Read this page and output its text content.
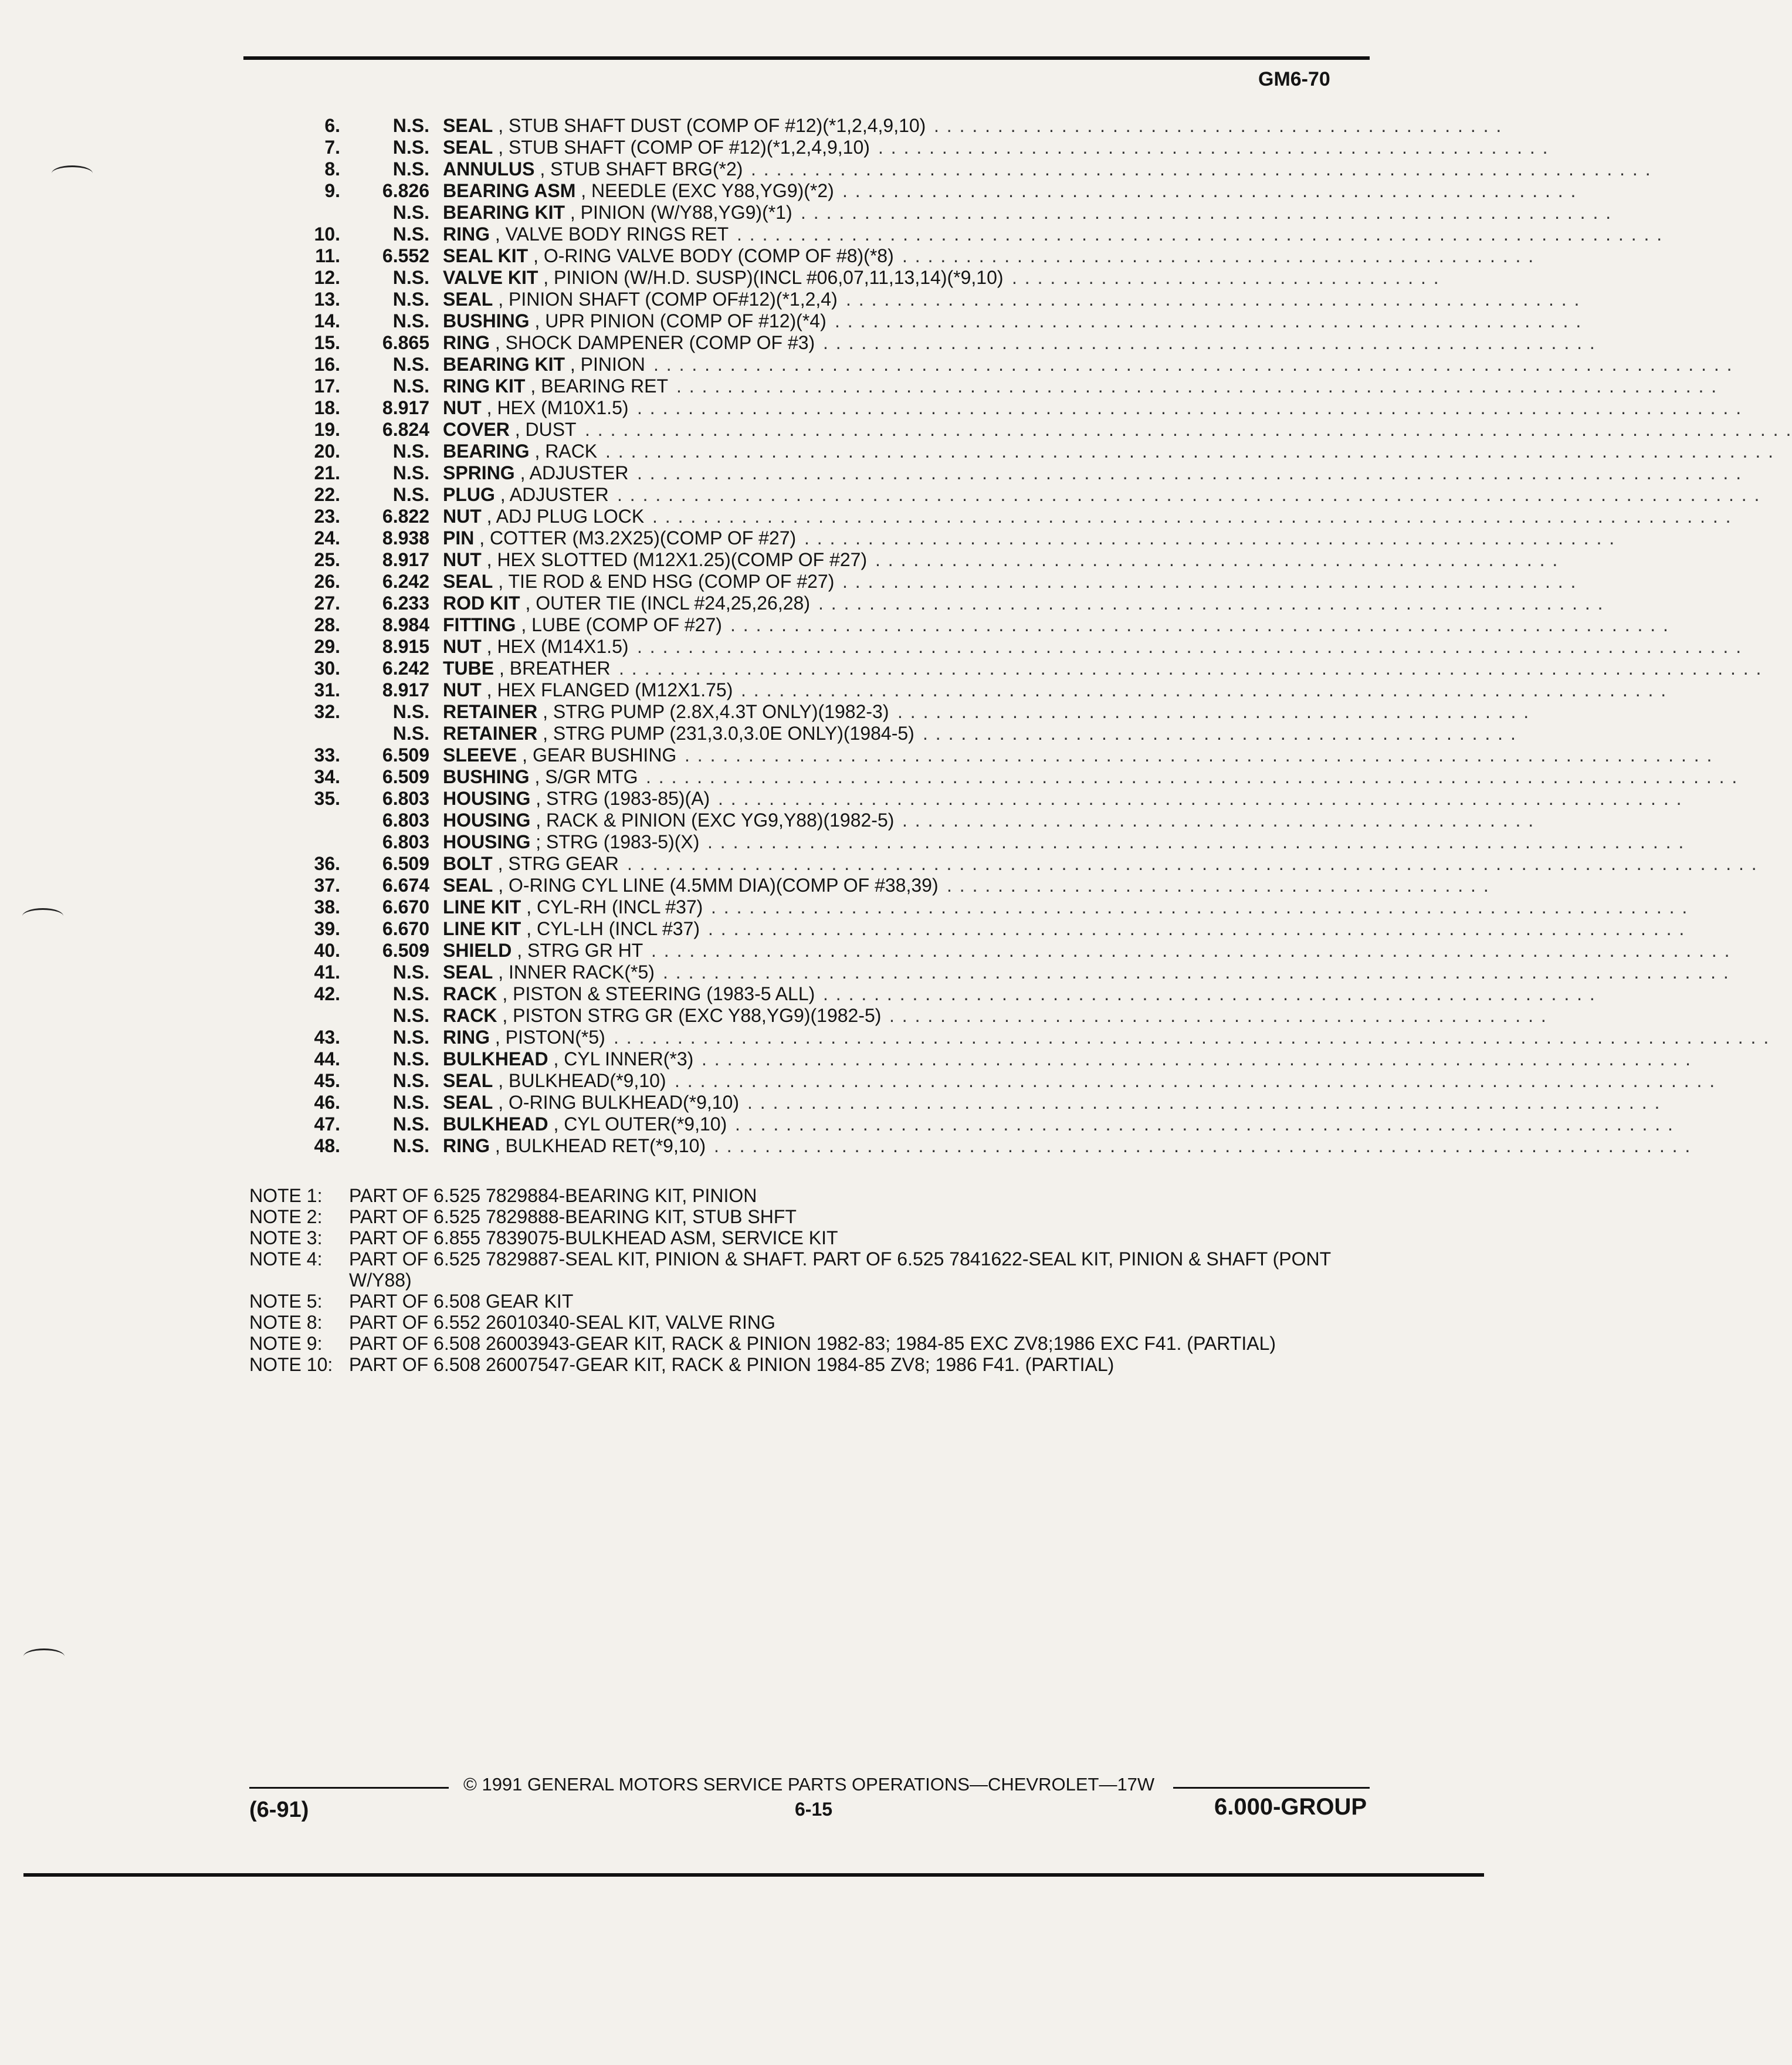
GM6-70
6.	N.S. SEAL , STUB SHAFT DUST (COMP OF #12)(*1,2,4,9,10) . . . . . . . . . . . . . . . . . . . . . . . . . . . . . . . . . . . . . . . . . . . . .
7.	N.S. SEAL , STUB SHAFT (COMP OF #12)(*1,2,4,9,10) . . . . . . . . . . . . . . . . . . . . . . . . . . . . . . . . . . . . . . . . . . . . . . . . . . . . .
8.	N.S. ANNULUS , STUB SHAFT BRG(*2) . . . . . . . . . . . . . . . . . . . . . . . . . . . . . . . . . . . . . . . . . . . . . . . . . . . . . . . . . . . . . . . . . . . . . . .
9.	6.826 BEARING ASM , NEEDLE (EXC Y88,YG9)(*2) . . . . . . . . . . . . . . . . . . . . . . . . . . . . . . . . . . . . . . . . . . . . . . . . . . . . . . . . . .
N.S. BEARING KIT , PINION (W/Y88,YG9)(*1) . . . . . . . . . . . . . . . . . . . . . . . . . . . . . . . . . . . . . . . . . . . . . . . . . . . . . . . . . . . . . . . .
10.	N.S. RING , VALVE BODY RINGS RET . . . . . . . . . . . . . . . . . . . . . . . . . . . . . . . . . . . . . . . . . . . . . . . . . . . . . . . . . . . . . . . . . . . . . . . . .
11.	6.552 SEAL KIT , O-RING VALVE BODY (COMP OF #8)(*8) . . . . . . . . . . . . . . . . . . . . . . . . . . . . . . . . . . . . . . . . . . . . . . . . . .
12.	N.S. VALVE KIT , PINION (W/H.D. SUSP)(INCL #06,07,11,13,14)(*9,10) . . . . . . . . . . . . . . . . . . . . . . . . . . . . . . . . . .
13.	N.S. SEAL , PINION SHAFT (COMP OF#12)(*1,2,4) . . . . . . . . . . . . . . . . . . . . . . . . . . . . . . . . . . . . . . . . . . . . . . . . . . . . . . . . . .
14.	N.S. BUSHING , UPR PINION (COMP OF #12)(*4) . . . . . . . . . . . . . . . . . . . . . . . . . . . . . . . . . . . . . . . . . . . . . . . . . . . . . . . . . . .
15.	6.865 RING , SHOCK DAMPENER (COMP OF #3) . . . . . . . . . . . . . . . . . . . . . . . . . . . . . . . . . . . . . . . . . . . . . . . . . . . . . . . . . . . . .
16.	N.S. BEARING KIT , PINION . . . . . . . . . . . . . . . . . . . . . . . . . . . . . . . . . . . . . . . . . . . . . . . . . . . . . . . . . . . . . . . . . . . . . . . . . . . . . . . . . . . . .
17.	N.S. RING KIT , BEARING RET . . . . . . . . . . . . . . . . . . . . . . . . . . . . . . . . . . . . . . . . . . . . . . . . . . . . . . . . . . . . . . . . . . . . . . . . . . . . . . . . . .
18.	8.917 NUT , HEX (M10X1.5) . . . . . . . . . . . . . . . . . . . . . . . . . . . . . . . . . . . . . . . . . . . . . . . . . . . . . . . . . . . . . . . . . . . . . . . . . . . . . . . . . . . . . . .
19.	6.824 COVER , DUST . . . . . . . . . . . . . . . . . . . . . . . . . . . . . . . . . . . . . . . . . . . . . . . . . . . . . . . . . . . . . . . . . . . . . . . . . . . . . . . . . . . . . . . . . . . . . . .
20.	N.S. BEARING , RACK . . . . . . . . . . . . . . . . . . . . . . . . . . . . . . . . . . . . . . . . . . . . . . . . . . . . . . . . . . . . . . . . . . . . . . . . . . . . . . . . . . . . . . . . . . . .
21.	N.S. SPRING , ADJUSTER . . . . . . . . . . . . . . . . . . . . . . . . . . . . . . . . . . . . . . . . . . . . . . . . . . . . . . . . . . . . . . . . . . . . . . . . . . . . . . . . . . . . . . .
22.	N.S. PLUG , ADJUSTER . . . . . . . . . . . . . . . . . . . . . . . . . . . . . . . . . . . . . . . . . . . . . . . . . . . . . . . . . . . . . . . . . . . . . . . . . . . . . . . . . . . . . . . . . .
23.	6.822 NUT , ADJ PLUG LOCK . . . . . . . . . . . . . . . . . . . . . . . . . . . . . . . . . . . . . . . . . . . . . . . . . . . . . . . . . . . . . . . . . . . . . . . . . . . . . . . . . . . . .
24.	8.938 PIN , COTTER (M3.2X25)(COMP OF #27) . . . . . . . . . . . . . . . . . . . . . . . . . . . . . . . . . . . . . . . . . . . . . . . . . . . . . . . . . . . . . . . .
25.	8.917 NUT , HEX SLOTTED (M12X1.25)(COMP OF #27) . . . . . . . . . . . . . . . . . . . . . . . . . . . . . . . . . . . . . . . . . . . . . . . . . . . . . .
26.	6.242 SEAL , TIE ROD & END HSG (COMP OF #27) . . . . . . . . . . . . . . . . . . . . . . . . . . . . . . . . . . . . . . . . . . . . . . . . . . . . . . . . . .
27.	6.233 ROD KIT , OUTER TIE (INCL #24,25,26,28) . . . . . . . . . . . . . . . . . . . . . . . . . . . . . . . . . . . . . . . . . . . . . . . . . . . . . . . . . . . . . .
28.	8.984 FITTING , LUBE (COMP OF #27) . . . . . . . . . . . . . . . . . . . . . . . . . . . . . . . . . . . . . . . . . . . . . . . . . . . . . . . . . . . . . . . . . . . . . . . . . .
29.	8.915 NUT , HEX (M14X1.5) . . . . . . . . . . . . . . . . . . . . . . . . . . . . . . . . . . . . . . . . . . . . . . . . . . . . . . . . . . . . . . . . . . . . . . . . . . . . . . . . . . . . . . .
30.	6.242 TUBE , BREATHER . . . . . . . . . . . . . . . . . . . . . . . . . . . . . . . . . . . . . . . . . . . . . . . . . . . . . . . . . . . . . . . . . . . . . . . . . . . . . . . . . . . . . . . . . .
31.	8.917 NUT , HEX FLANGED (M12X1.75) . . . . . . . . . . . . . . . . . . . . . . . . . . . . . . . . . . . . . . . . . . . . . . . . . . . . . . . . . . . . . . . . . . . . . . . . .
32.	N.S. RETAINER , STRG PUMP (2.8X,4.3T ONLY)(1982-3) . . . . . . . . . . . . . . . . . . . . . . . . . . . . . . . . . . . . . . . . . . . . . . . . . .
N.S. RETAINER , STRG PUMP (231,3.0,3.0E ONLY)(1984-5) . . . . . . . . . . . . . . . . . . . . . . . . . . . . . . . . . . . . . . . . . . . . . . .
33.	6.509 SLEEVE , GEAR BUSHING . . . . . . . . . . . . . . . . . . . . . . . . . . . . . . . . . . . . . . . . . . . . . . . . . . . . . . . . . . . . . . . . . . . . . . . . . . . . . . . . .
34.	6.509 BUSHING , S/GR MTG . . . . . . . . . . . . . . . . . . . . . . . . . . . . . . . . . . . . . . . . . . . . . . . . . . . . . . . . . . . . . . . . . . . . . . . . . . . . . . . . . . . . . .
35.	6.803 HOUSING , STRG (1983-85)(A) . . . . . . . . . . . . . . . . . . . . . . . . . . . . . . . . . . . . . . . . . . . . . . . . . . . . . . . . . . . . . . . . . . . . . . . . . . . .
6.803 HOUSING , RACK & PINION (EXC YG9,Y88)(1982-5) . . . . . . . . . . . . . . . . . . . . . . . . . . . . . . . . . . . . . . . . . . . . . . . . . .
6.803 HOUSING ; STRG (1983-5)(X) . . . . . . . . . . . . . . . . . . . . . . . . . . . . . . . . . . . . . . . . . . . . . . . . . . . . . . . . . . . . . . . . . . . . . . . . . . . . .
36.	6.509 BOLT , STRG GEAR . . . . . . . . . . . . . . . . . . . . . . . . . . . . . . . . . . . . . . . . . . . . . . . . . . . . . . . . . . . . . . . . . . . . . . . . . . . . . . . . . . . . . . . . .
37.	6.674 SEAL , O-RING CYL LINE (4.5MM DIA)(COMP OF #38,39) . . . . . . . . . . . . . . . . . . . . . . . . . . . . . . . . . . . . . . . . . . .
38.	6.670 LINE KIT , CYL-RH (INCL #37) . . . . . . . . . . . . . . . . . . . . . . . . . . . . . . . . . . . . . . . . . . . . . . . . . . . . . . . . . . . . . . . . . . . . . . . . . . . . .
39.	6.670 LINE KIT , CYL-LH (INCL #37) . . . . . . . . . . . . . . . . . . . . . . . . . . . . . . . . . . . . . . . . . . . . . . . . . . . . . . . . . . . . . . . . . . . . . . . . . . . . .
40.	6.509 SHIELD , STRG GR HT . . . . . . . . . . . . . . . . . . . . . . . . . . . . . . . . . . . . . . . . . . . . . . . . . . . . . . . . . . . . . . . . . . . . . . . . . . . . . . . . . . . . .
41.	N.S. SEAL , INNER RACK(*5) . . . . . . . . . . . . . . . . . . . . . . . . . . . . . . . . . . . . . . . . . . . . . . . . . . . . . . . . . . . . . . . . . . . . . . . . . . . . . . . . . . . .
42.	N.S. RACK , PISTON & STEERING (1983-5 ALL) . . . . . . . . . . . . . . . . . . . . . . . . . . . . . . . . . . . . . . . . . . . . . . . . . . . . . . . . . . . . .
N.S. RACK , PISTON STRG GR (EXC Y88,YG9)(1982-5) . . . . . . . . . . . . . . . . . . . . . . . . . . . . . . . . . . . . . . . . . . . . . . . . . . . .
43.	N.S. RING , PISTON(*5) . . . . . . . . . . . . . . . . . . . . . . . . . . . . . . . . . . . . . . . . . . . . . . . . . . . . . . . . . . . . . . . . . . . . . . . . . . . . . . . . . . . . . . . . . . .
44.	N.S. BULKHEAD , CYL INNER(*3) . . . . . . . . . . . . . . . . . . . . . . . . . . . . . . . . . . . . . . . . . . . . . . . . . . . . . . . . . . . . . . . . . . . . . . . . . . . . . .
45.	N.S. SEAL , BULKHEAD(*9,10) . . . . . . . . . . . . . . . . . . . . . . . . . . . . . . . . . . . . . . . . . . . . . . . . . . . . . . . . . . . . . . . . . . . . . . . . . . . . . . . . . .
46.	N.S. SEAL , O-RING BULKHEAD(*9,10) . . . . . . . . . . . . . . . . . . . . . . . . . . . . . . . . . . . . . . . . . . . . . . . . . . . . . . . . . . . . . . . . . . . . . . . .
47.	N.S. BULKHEAD , CYL OUTER(*9,10) . . . . . . . . . . . . . . . . . . . . . . . . . . . . . . . . . . . . . . . . . . . . . . . . . . . . . . . . . . . . . . . . . . . . . . . . . .
48.	N.S. RING , BULKHEAD RET(*9,10) . . . . . . . . . . . . . . . . . . . . . . . . . . . . . . . . . . . . . . . . . . . . . . . . . . . . . . . . . . . . . . . . . . . . . . . . . . . . .
NOTE 1: PART OF 6.525 7829884-BEARING KIT, PINION
NOTE 2: PART OF 6.525 7829888-BEARING KIT, STUB SHFT
NOTE 3: PART OF 6.855 7839075-BULKHEAD ASM, SERVICE KIT
NOTE 4: PART OF 6.525 7829887-SEAL KIT, PINION & SHAFT. PART OF 6.525 7841622-SEAL KIT, PINION & SHAFT (PONT W/Y88)
NOTE 5: PART OF 6.508 GEAR KIT
NOTE 8: PART OF 6.552 26010340-SEAL KIT, VALVE RING
NOTE 9: PART OF 6.508 26003943-GEAR KIT, RACK & PINION 1982-83; 1984-85 EXC ZV8;1986 EXC F41. (PARTIAL)
NOTE 10: PART OF 6.508 26007547-GEAR KIT, RACK & PINION 1984-85 ZV8; 1986 F41. (PARTIAL)
© 1991 GENERAL MOTORS SERVICE PARTS OPERATIONS—CHEVROLET—17W
(6-91)	6-15	6.000-GROUP
